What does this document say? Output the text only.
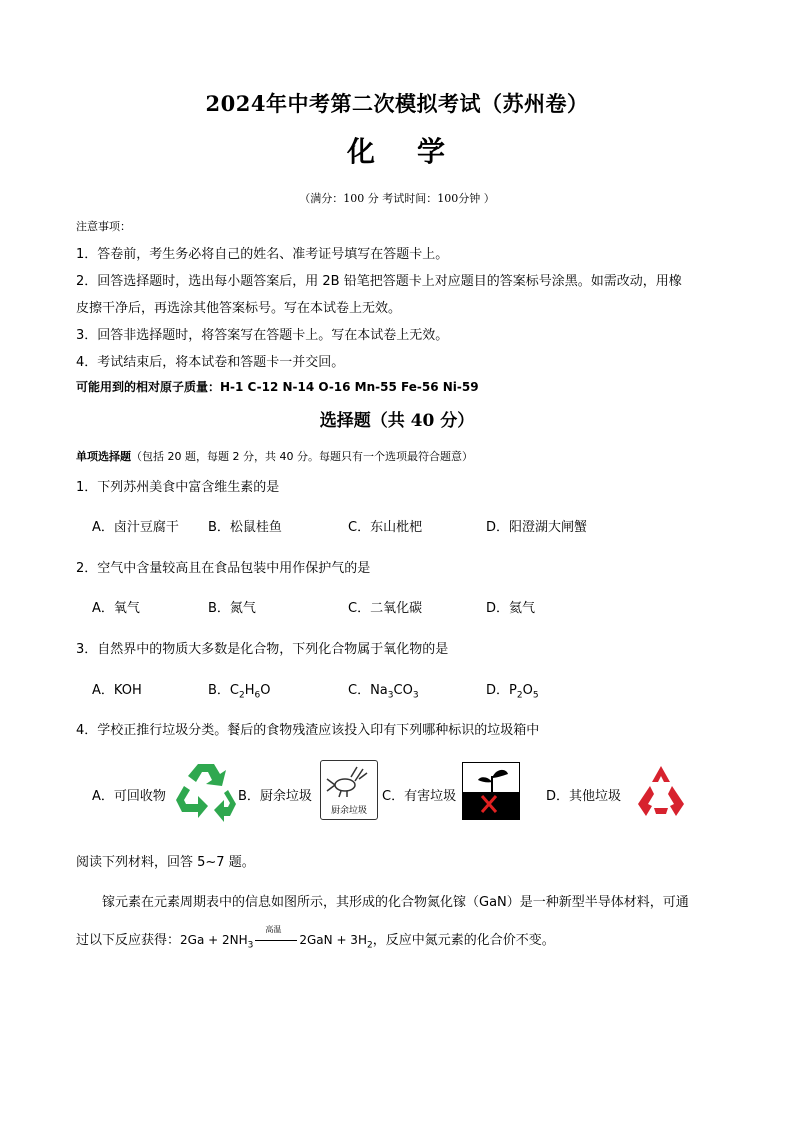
2024年中考第二次模拟考试（苏州卷）
化 学
（满分：100 分 考试时间：100分钟 ）
注意事项：
1．答卷前，考生务必将自己的姓名、准考证号填写在答题卡上。
2．回答选择题时，选出每小题答案后，用 2B 铅笔把答题卡上对应题目的答案标号涂黑。如需改动，用橡
皮擦干净后，再选涂其他答案标号。写在本试卷上无效。
3．回答非选择题时，将答案写在答题卡上。写在本试卷上无效。
4．考试结束后，将本试卷和答题卡一并交回。
可能用到的相对原子质量：H-1 C-12 N-14 O-16 Mn-55 Fe-56 Ni-59
选择题（共 40 分）
单项选择题（包括 20 题，每题 2 分，共 40 分。每题只有一个选项最符合题意）
1．下列苏州美食中富含维生素的是
A．卤汁豆腐干 B．松鼠桂鱼	C．东山枇杷	D．阳澄湖大闸蟹
2．空气中含量较高且在食品包装中用作保护气的是
A．氧气	B．氮气	C．二氧化碳	D．氦气
3．自然界中的物质大多数是化合物，下列化合物属于氧化物的是
A．KOH	B．$C_2H_6O$	C．$Na_3CO_3$	D．$P_2O_5$
4．学校正推行垃圾分类。餐后的食物残渣应该投入印有下列哪种标识的垃圾箱中
A．可回收物	B．厨余垃圾
厨余垃圾
C．有害垃圾	D．其他垃圾
阅读下列材料，回答 5~7 题。
镓元素在元素周期表中的信息如图所示，其形成的化合物氮化镓（GaN）是一种新型半导体材料，可通
过以下反应获得：$2Ga + 2NH_3$
高温
$2GaN + 3H_2$，反应中氮元素的化合价不变。
